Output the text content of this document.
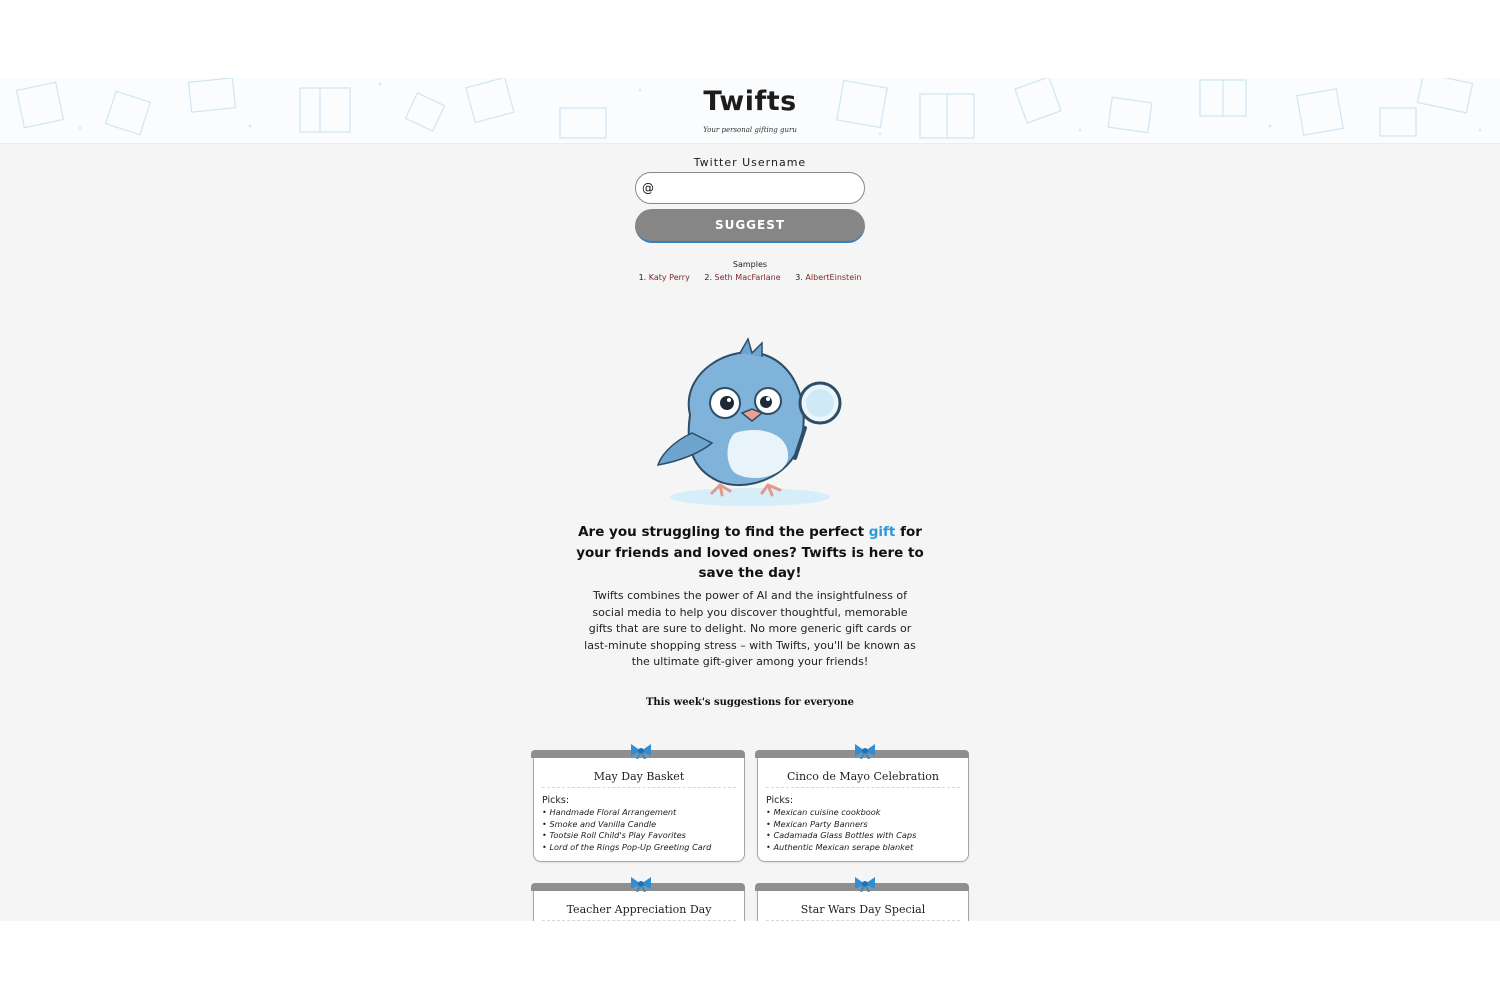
Twifts
Your personal gifting guru
Twitter Username
@
SUGGEST
Samples
1. Katy Perry 2. Seth MacFarlane 3. AlbertEinstein
Are you struggling to find the perfect gift for your friends and loved ones? Twifts is here to save the day!
Twifts combines the power of AI and the insightfulness of social media to help you discover thoughtful, memorable gifts that are sure to delight. No more generic gift cards or last-minute shopping stress – with Twifts, you'll be known as the ultimate gift-giver among your friends!
This week's suggestions for everyone
May Day Basket
Picks:
• Handmade Floral Arrangement
• Smoke and Vanilla Candle
• Tootsie Roll Child's Play Favorites
• Lord of the Rings Pop-Up Greeting Card
Cinco de Mayo Celebration
Picks:
• Mexican cuisine cookbook
• Mexican Party Banners
• Cadamada Glass Bottles with Caps
• Authentic Mexican serape blanket
Teacher Appreciation Day	Star Wars Day Special
